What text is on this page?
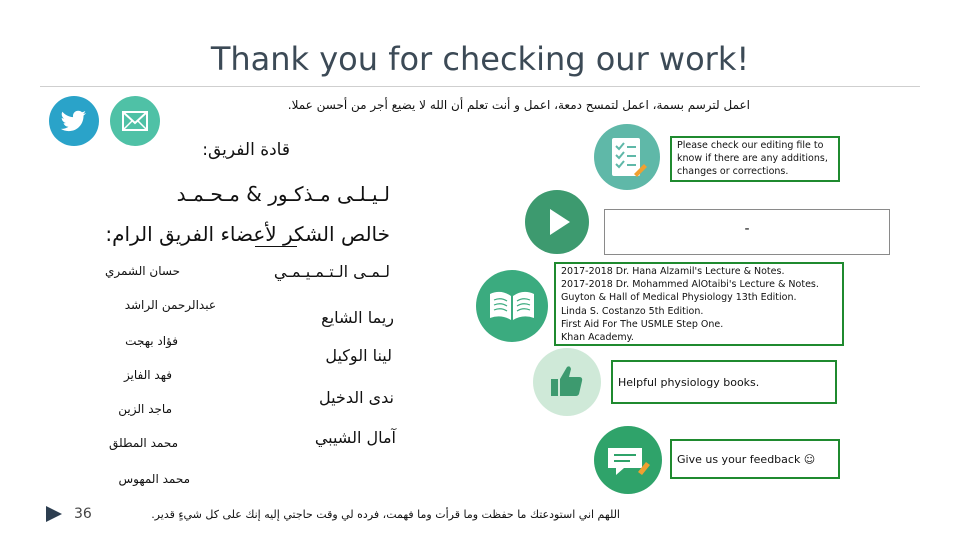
Thank you for checking our work!
اعمل لترسم بسمة، اعمل لتمسح دمعة، اعمل و أنت تعلم أن الله لا يضيع أجر من أحسن عملا.
قادة الفريق:
لـيـلـى مـذكـور & مـحـمـد
خالص الشكر لأعضاء الفريق الرام:
حسان الشمري
عبدالرحمن الراشد
فؤاد بهجت
فهد الفايز
ماجد الزين
محمد المطلق
محمد المهوس
لـمـى الـتـمـيـمـي
ريما الشايع
لينا الوكيل
ندى الدخيل
آمال الشيبي
Please check our editing file to know if there are any additions, changes or corrections.
-
2017-2018 Dr. Hana Alzamil's Lecture & Notes.
2017-2018 Dr. Mohammed AlOtaibi's Lecture & Notes.
Guyton & Hall of Medical Physiology 13th Edition.
Linda S. Costanzo 5th Edition.
First Aid For The USMLE Step One.
Khan Academy.
Helpful physiology books.
Give us your feedback ☺
اللهم اني استودعتك ما حفظت وما قرأت وما فهمت، فرده لي وقت حاجتي إليه إنك على كل شيءٍ قدير.
36
